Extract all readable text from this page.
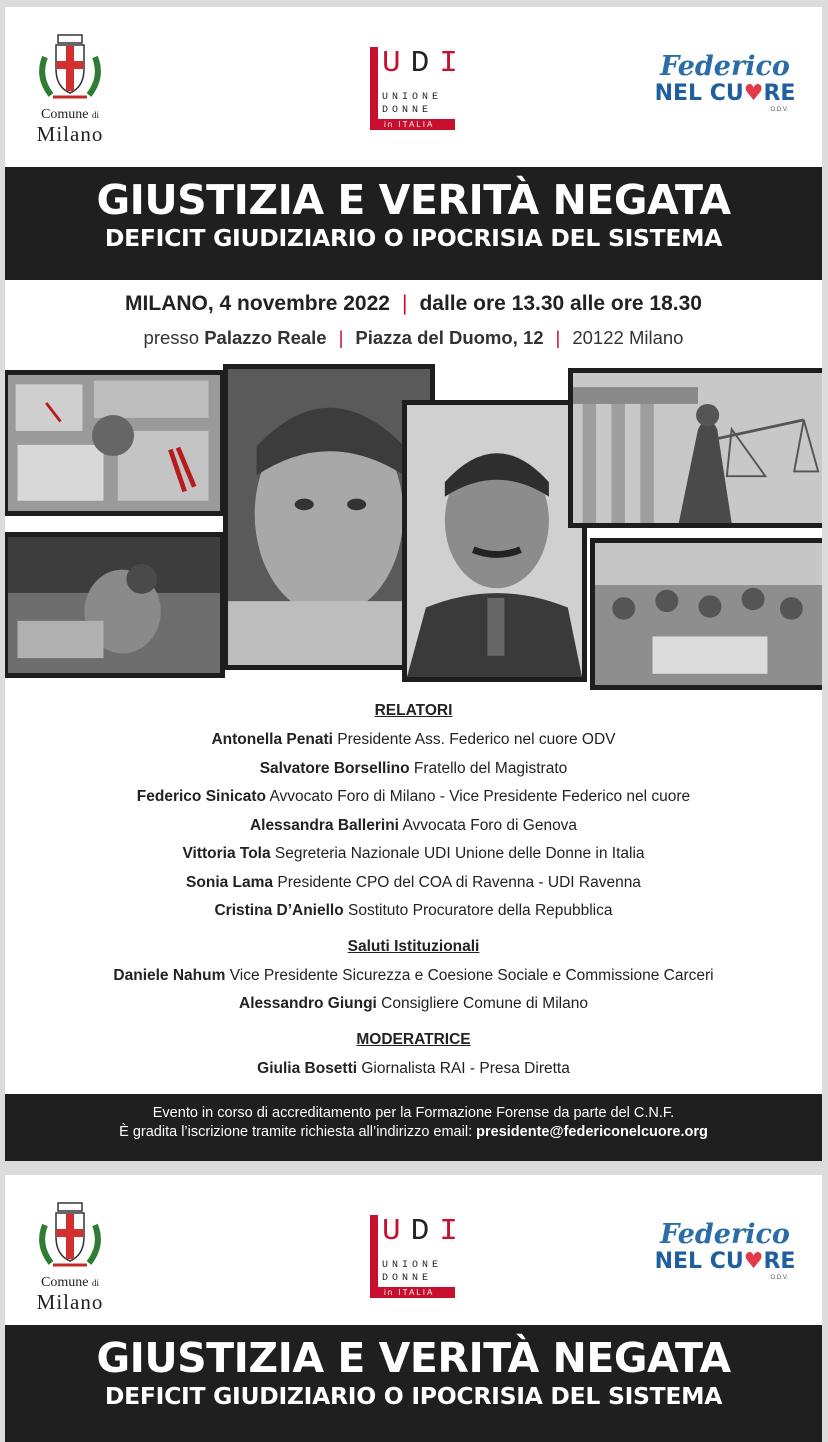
Comune di
Milano
UDI
UNIONE
DONNE
in ITALIA
Federico
NEL CU♥RE
O.D.V.
GIUSTIZIA E VERITÀ NEGATA
DEFICIT GIUDIZIARIO O IPOCRISIA DEL SISTEMA
MILANO, 4 novembre 2022 | dalle ore 13.30 alle ore 18.30
presso Palazzo Reale | Piazza del Duomo, 12 | 20122 Milano
RELATORI
Antonella Penati Presidente Ass. Federico nel cuore ODV
Salvatore Borsellino Fratello del Magistrato
Federico Sinicato Avvocato Foro di Milano - Vice Presidente Federico nel cuore
Alessandra Ballerini Avvocata Foro di Genova
Vittoria Tola Segreteria Nazionale UDI Unione delle Donne in Italia
Sonia Lama Presidente CPO del COA di Ravenna - UDI Ravenna
Cristina D’Aniello Sostituto Procuratore della Repubblica
Saluti Istituzionali
Daniele Nahum Vice Presidente Sicurezza e Coesione Sociale e Commissione Carceri
Alessandro Giungi Consigliere Comune di Milano
MODERATRICE
Giulia Bosetti Giornalista RAI - Presa Diretta
Evento in corso di accreditamento per la Formazione Forense da parte del C.N.F.
È gradita l’iscrizione tramite richiesta all’indirizzo email: presidente@federiconelcuore.org
Comune di
Milano
UDI
UNIONE
DONNE
in ITALIA
Federico
NEL CU♥RE
O.D.V.
GIUSTIZIA E VERITÀ NEGATA
DEFICIT GIUDIZIARIO O IPOCRISIA DEL SISTEMA
